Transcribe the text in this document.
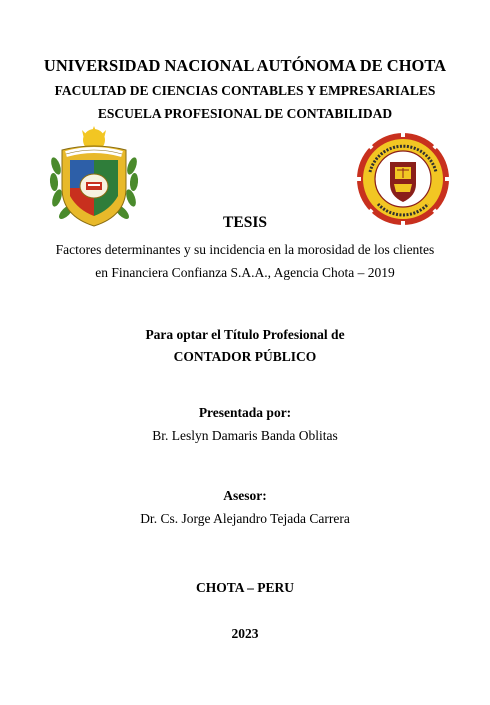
UNIVERSIDAD NACIONAL AUTÓNOMA DE CHOTA
FACULTAD DE CIENCIAS CONTABLES Y EMPRESARIALES
ESCUELA PROFESIONAL DE CONTABILIDAD
TESIS
Factores determinantes y su incidencia en la morosidad de los clientes
en Financiera Confianza S.A.A., Agencia Chota – 2019
Para optar el Título Profesional de
CONTADOR PÚBLICO
Presentada por:
Br. Leslyn Damaris Banda Oblitas
Asesor:
Dr. Cs. Jorge Alejandro Tejada Carrera
CHOTA – PERU
2023
